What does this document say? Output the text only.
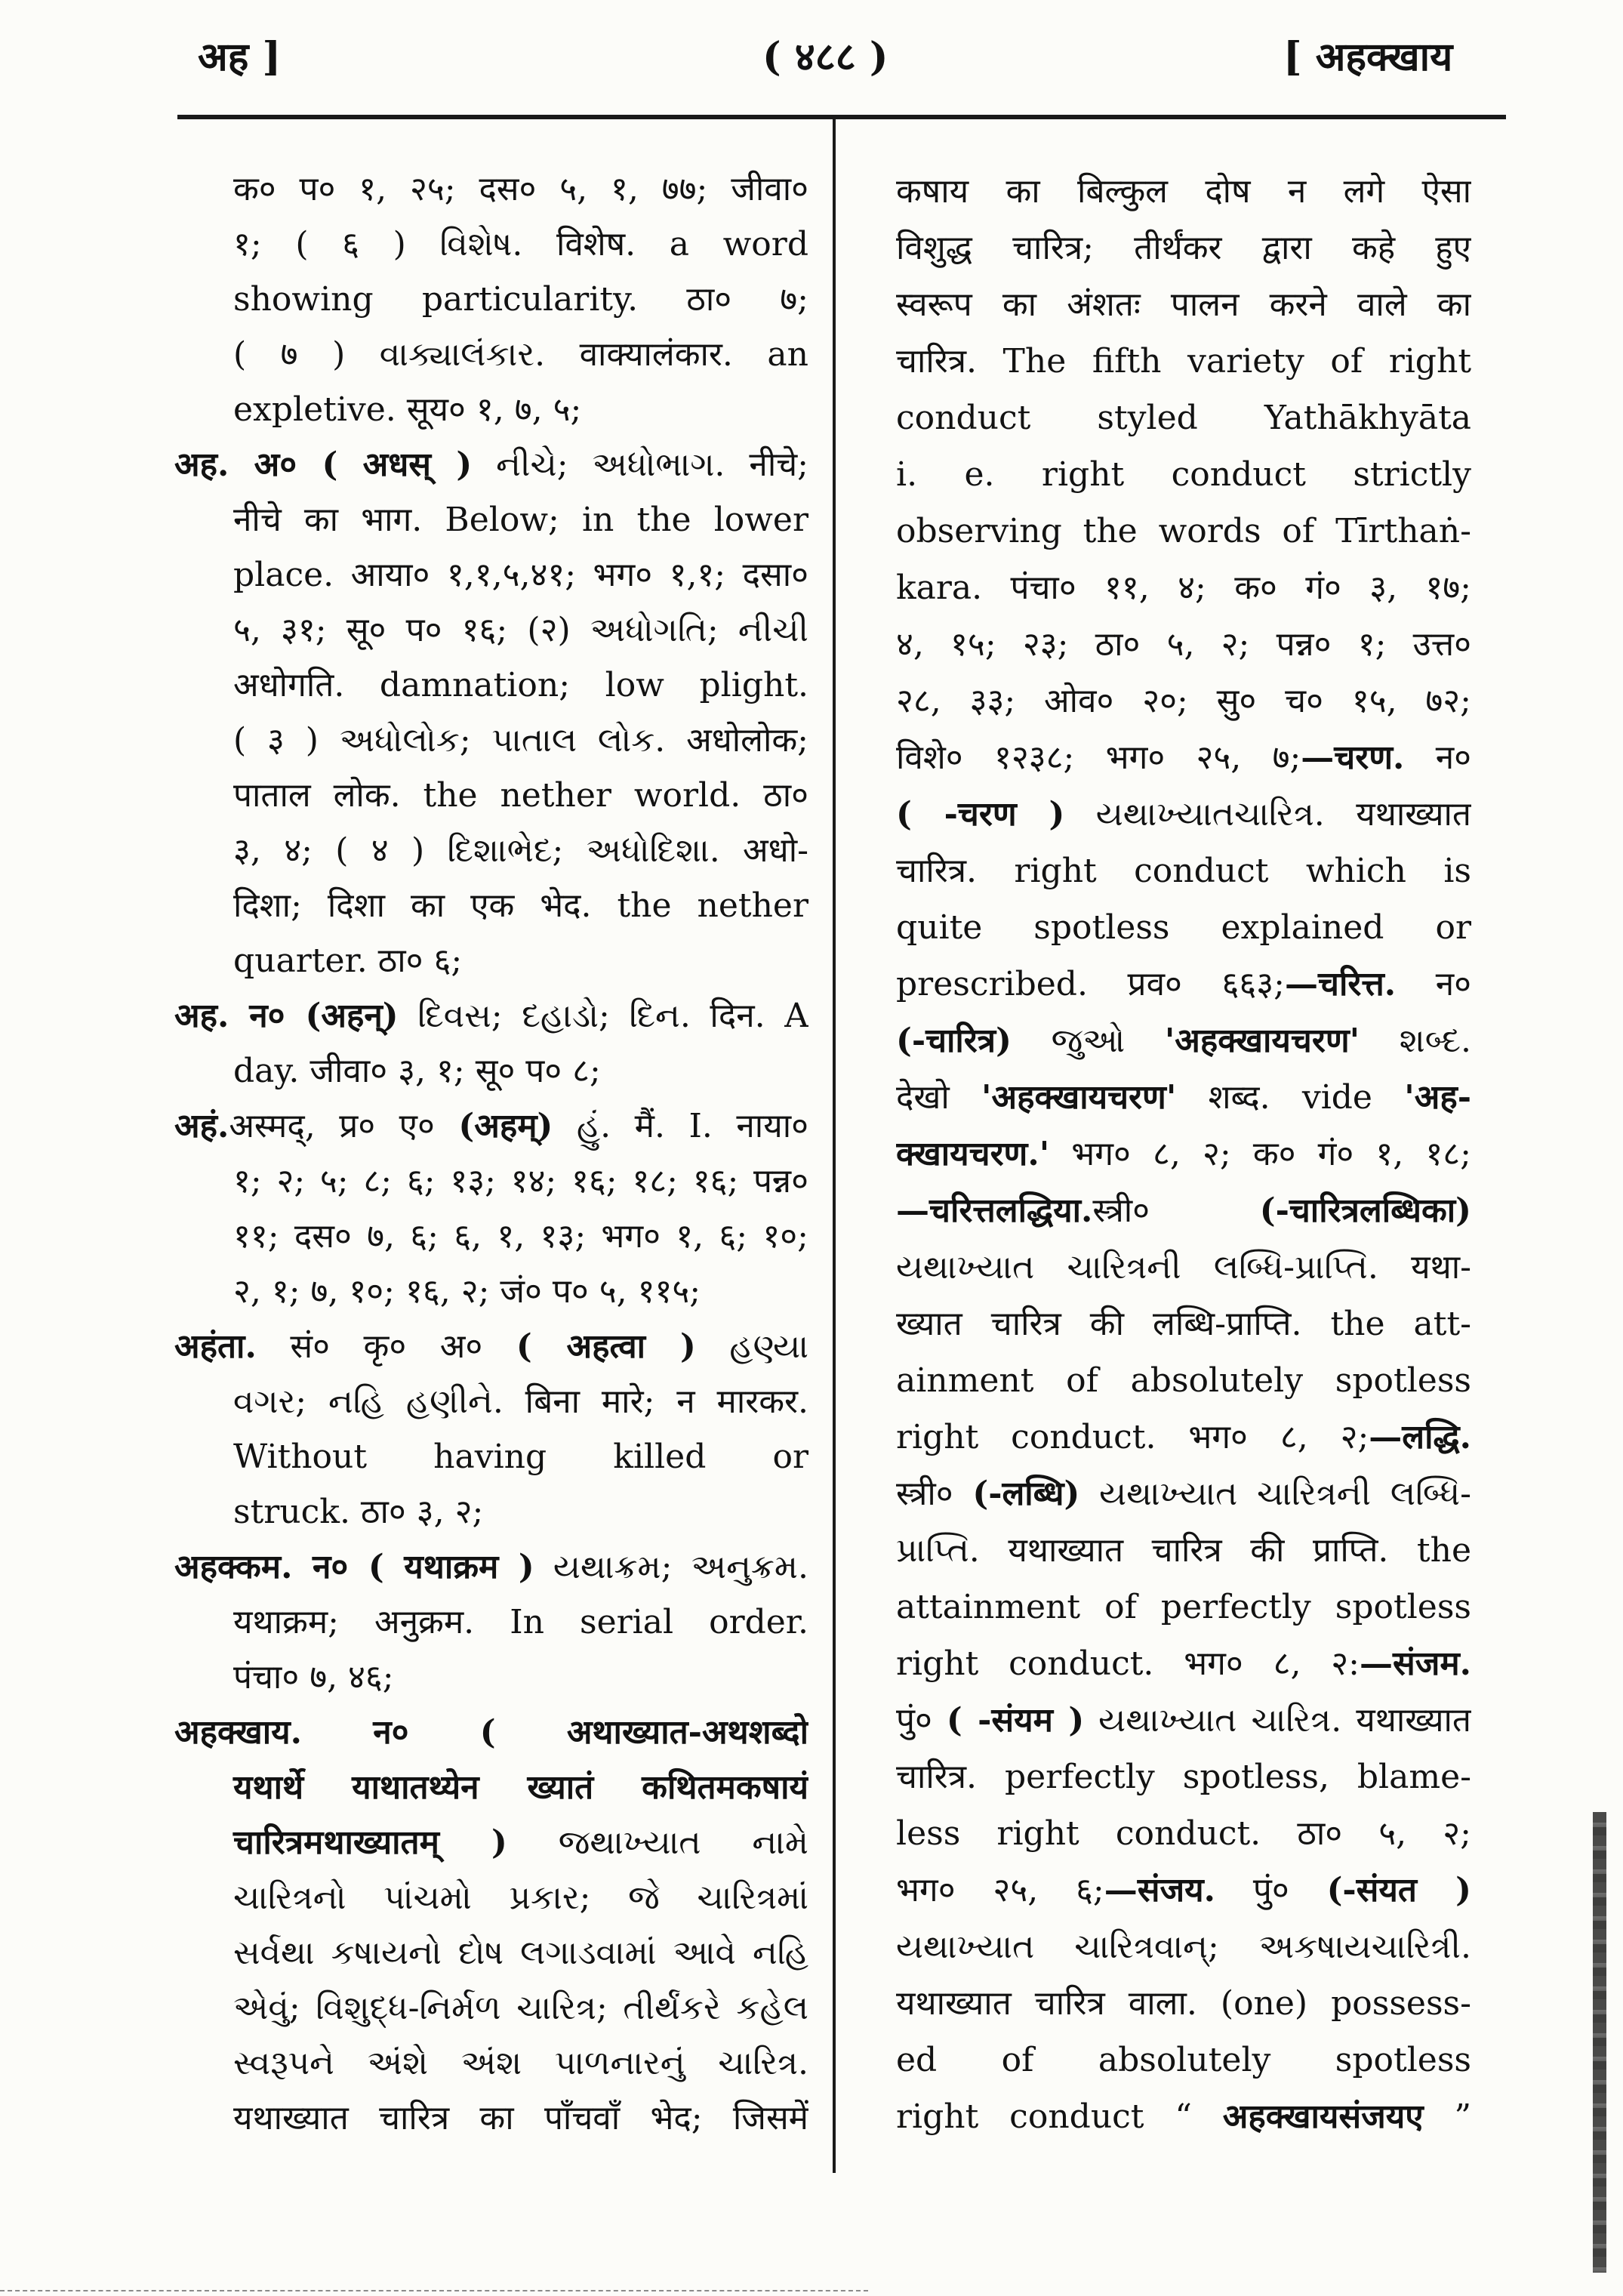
अह ]	( ४८८ )	[ अहक्खाय
क० प० १, २५; दस० ५, १, ७७; जीवा०
१; ( ६ ) વિશેષ. विशेष. a word
showing particularity. ठा० ७;
( ७ ) વાક્યાલંકાર. वाक्यालंकार. an
expletive. सूय० १, ७, ५;
अह. अ० ( अधस् ) નીચે; અધોભાગ. नीचे;
नीचे का भाग. Below; in the lower
place. आया० १,१,५,४१; भग० १,१; दसा०
५, ३१; सू० प० १६; (२) અધોગતિ; નીચી
अधोगति. damnation; low plight.
( ३ ) અધોલોક; પાતાલ લોક. अधोलोक;
पाताल लोक. the nether world. ठा०
३, ४; ( ४ ) દિશાભેદ; અધોદિશા. अधो-
दिशा; दिशा का एक भेद. the nether
quarter. ठा० ६;
अह. न० (अहन्) દિવસ; દહાડો; દિન. दिन. A
day. जीवा० ३, १; सू० प० ८;
अहं.अस्मद्, प्र० ए० (अहम्) હું. मैं. I. नाया०
१; २; ५; ८; ६; १३; १४; १६; १८; १६; पन्न०
११; दस० ७, ६; ६, १, १३; भग० १, ६; १०;
२, १; ७, १०; १६, २; जं० प० ५, ११५;
अहंता. सं० कृ० अ० ( अहत्वा ) હણ્યા
વગર; નહિ હણીને. बिना मारे; न मारकर.
Without having killed or
struck. ठा० ३, २;
अहक्कम. न० ( यथाक्रम ) યથાક્રમ; અનુક્રમ.
यथाक्रम; अनुक्रम. In serial order.
पंचा० ७, ४६;
अहक्खाय. न० ( अथाख्यात-अथशब्दो
यथार्थे याथातथ्येन ख्यातं कथितमकषायं
चारित्रमथाख्यातम् ) જથાખ્યાત નામે
ચારિત્રનો પાંચમો પ્રકાર; જે ચારિત્રમાં
સર્વથા કષાયનો દોષ લગાડવામાં આવે નહિ
એવું; વિશુદ્ધ-નિર્મળ ચારિત્ર; તીર્થંકરે કહેલ
સ્વરૂપને અંશે અંશ પાળનારનું ચારિત્ર.
यथाख्यात चारित्र का पाँचवाँ भेद; जिसमें
कषाय का बिल्कुल दोष न लगे ऐसा
विशुद्ध चारित्र; तीर्थंकर द्वारा कहे हुए
स्वरूप का अंशतः पालन करने वाले का
चारित्र. The fifth variety of right
conduct styled Yathākhyāta
i. e. right conduct strictly
observing the words of Tīrthaṅ-
kara. पंचा० ११, ४; क० गं० ३, १७;
४, १५; २३; ठा० ५, २; पन्न० १; उत्त०
२८, ३३; ओव० २०; सु० च० १५, ७२;
विशे० १२३८; भग० २५, ७;—चरण. न०
( -चरण ) યથાખ્યાતચારિત્ર. यथाख्यात
चारित्र. right conduct which is
quite spotless explained or
prescribed. प्रव० ६६३;—चरित्त. न०
(-चारित्र) જુઓ 'अहक्खायचरण' શબ્દ.
देखो 'अहक्खायचरण' शब्द. vide 'अह-
क्खायचरण.' भग० ८, २; क० गं० १, १८;
—चरित्तलद्धिया.स्त्री० (-चारित्रलब्धिका)
યથાખ્યાત ચારિત્રની લબ્ધિ-પ્રાપ્તિ. यथा-
ख्यात चारित्र की लब्धि-प्राप्ति. the att-
ainment of absolutely spotless
right conduct. भग० ८, २;—लद्धि.
स्त्री० (-लब्धि) યથાખ્યાત ચારિત્રની લબ્ધિ-
પ્રાપ્તિ. यथाख्यात चारित्र की प्राप्ति. the
attainment of perfectly spotless
right conduct. भग० ८, २:—संजम.
पुं० ( -संयम ) યથાખ્યાત ચારિત્ર. यथाख्यात
चारित्र. perfectly spotless, blame-
less right conduct. ठा० ५, २;
भग० २५, ६;—संजय. पुं० (-संयत )
યથાખ્યાત ચારિત્રવાન્; અકષાયચારિત્રી.
यथाख्यात चारित्र वाला. (one) possess-
ed of absolutely spotless
right conduct “ अहक्खायसंजयए ”
